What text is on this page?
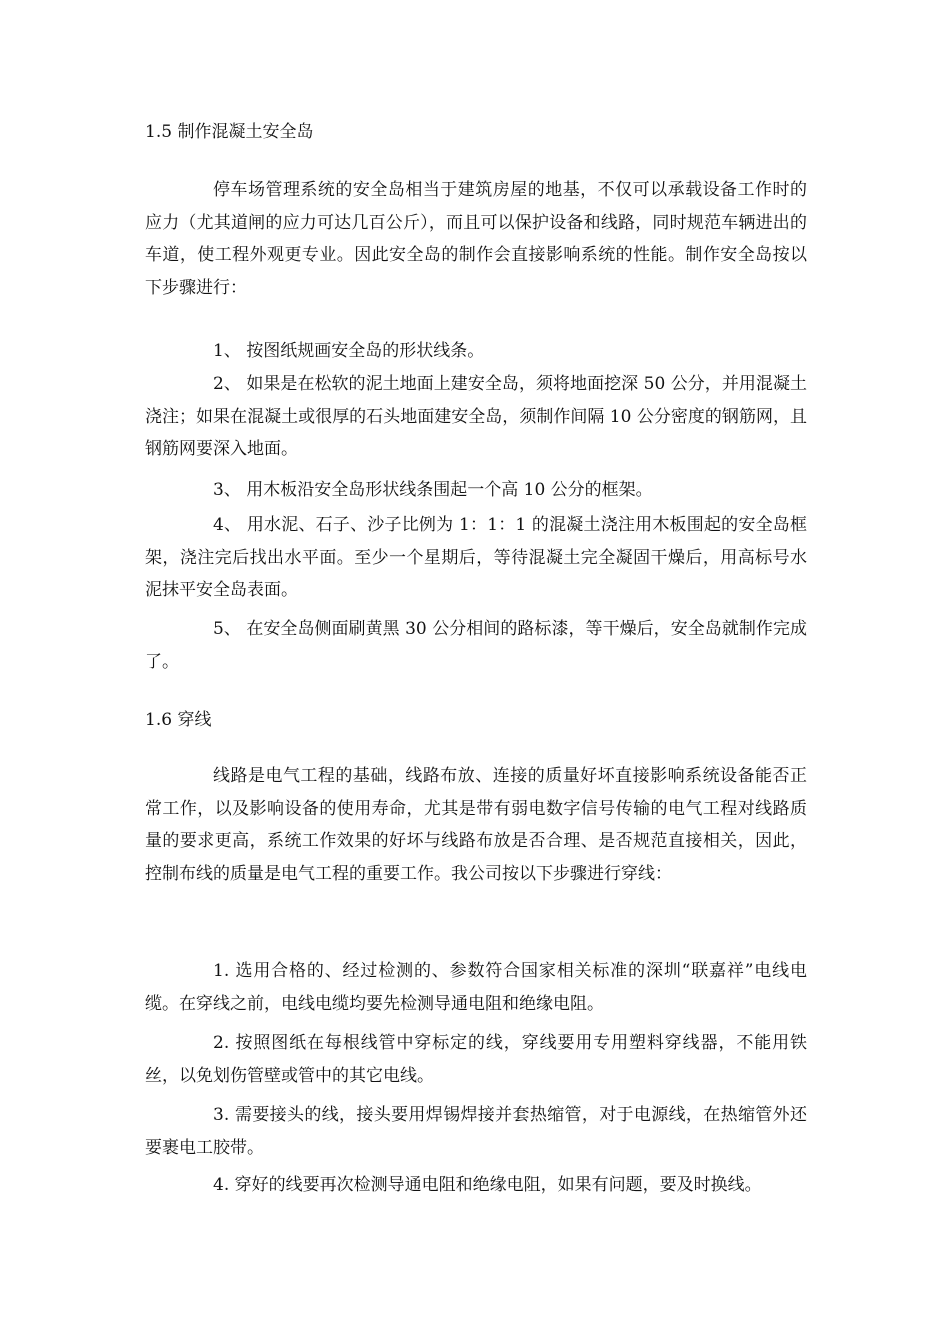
1.5 制作混凝土安全岛

停车场管理系统的安全岛相当于建筑房屋的地基，不仅可以承载设备工作时的应力（尤其道闸的应力可达几百公斤），而且可以保护设备和线路，同时规范车辆进出的车道，使工程外观更专业。因此安全岛的制作会直接影响系统的性能。制作安全岛按以下步骤进行：

1、 按图纸规画安全岛的形状线条。

2、 如果是在松软的泥土地面上建安全岛，须将地面挖深 50 公分，并用混凝土浇注；如果在混凝土或很厚的石头地面建安全岛，须制作间隔 10 公分密度的钢筋网，且钢筋网要深入地面。

3、 用木板沿安全岛形状线条围起一个高 10 公分的框架。

4、 用水泥、石子、沙子比例为 1：1：1 的混凝土浇注用木板围起的安全岛框架，浇注完后找出水平面。至少一个星期后，等待混凝土完全凝固干燥后，用高标号水泥抹平安全岛表面。

5、 在安全岛侧面刷黄黑 30 公分相间的路标漆，等干燥后，安全岛就制作完成了。

1.6 穿线

线路是电气工程的基础，线路布放、连接的质量好坏直接影响系统设备能否正常工作，以及影响设备的使用寿命，尤其是带有弱电数字信号传输的电气工程对线路质量的要求更高，系统工作效果的好坏与线路布放是否合理、是否规范直接相关，因此，控制布线的质量是电气工程的重要工作。我公司按以下步骤进行穿线：

1. 选用合格的、经过检测的、参数符合国家相关标准的深圳“联嘉祥”电线电缆。在穿线之前，电线电缆均要先检测导通电阻和绝缘电阻。

2. 按照图纸在每根线管中穿标定的线，穿线要用专用塑料穿线器，不能用铁丝，以免划伤管壁或管中的其它电线。

3. 需要接头的线，接头要用焊锡焊接并套热缩管，对于电源线，在热缩管外还要裹电工胶带。

4. 穿好的线要再次检测导通电阻和绝缘电阻，如果有问题，要及时换线。
